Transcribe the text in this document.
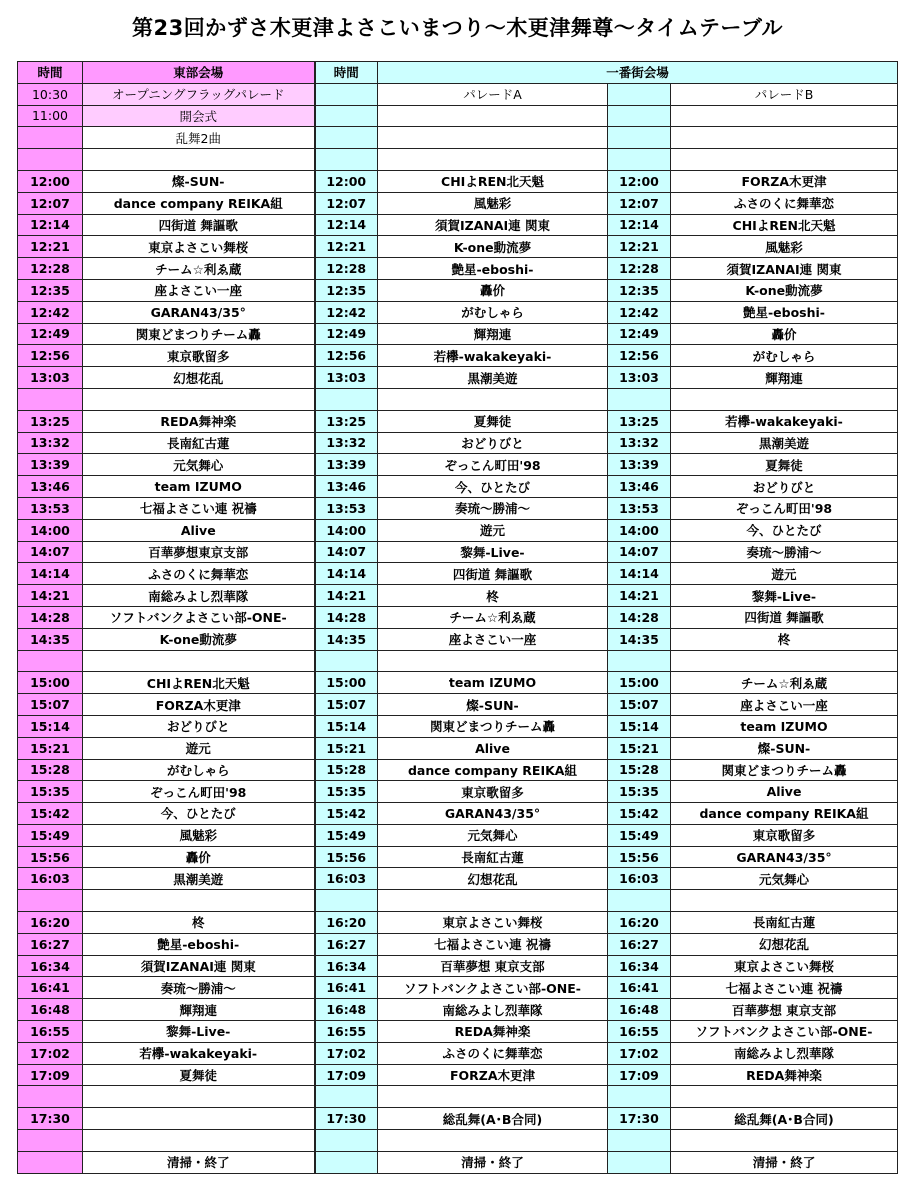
第23回かずさ木更津よさこいまつり～木更津舞尊～タイムテーブル
時間	東部会場	時間	一番街会場		
10:30	オープニングフラッグパレード		パレードA		パレードB
11:00	開会式				
	乱舞2曲				

12:00	燦-SUN-	12:00	CHIよREN北天魁	12:00	FORZA木更津
12:07	dance company REIKA組	12:07	風魅彩	12:07	ふさのくに舞華恋
12:14	四街道 舞謳歌	12:14	須賀IZANAI連 関東	12:14	CHIよREN北天魁
12:21	東京よさこい舞桜	12:21	K-one動流夢	12:21	風魅彩
12:28	チーム☆利ゑ蔵	12:28	艶星-eboshi-	12:28	須賀IZANAI連 関東
12:35	座よさこい一座	12:35	轟价	12:35	K-one動流夢
12:42	GARAN43/35°	12:42	がむしゃら	12:42	艶星-eboshi-
12:49	関東どまつりチーム轟	12:49	輝翔連	12:49	轟价
12:56	東京歌留多	12:56	若欅-wakakeyaki-	12:56	がむしゃら
13:03	幻想花乱	13:03	黒潮美遊	13:03	輝翔連

13:25	REDA舞神楽	13:25	夏舞徒	13:25	若欅-wakakeyaki-
13:32	長南紅古蓮	13:32	おどりびと	13:32	黒潮美遊
13:39	元気舞心	13:39	ぞっこん町田'98	13:39	夏舞徒
13:46	team IZUMO	13:46	今、ひとたび	13:46	おどりびと
13:53	七福よさこい連 祝禱	13:53	奏琉～勝浦～	13:53	ぞっこん町田'98
14:00	Alive	14:00	遊元	14:00	今、ひとたび
14:07	百華夢想東京支部	14:07	黎舞-Live-	14:07	奏琉～勝浦～
14:14	ふさのくに舞華恋	14:14	四街道 舞謳歌	14:14	遊元
14:21	南総みよし烈華隊	14:21	柊	14:21	黎舞-Live-
14:28	ソフトバンクよさこい部-ONE-	14:28	チーム☆利ゑ蔵	14:28	四街道 舞謳歌
14:35	K-one動流夢	14:35	座よさこい一座	14:35	柊

15:00	CHIよREN北天魁	15:00	team IZUMO	15:00	チーム☆利ゑ蔵
15:07	FORZA木更津	15:07	燦-SUN-	15:07	座よさこい一座
15:14	おどりびと	15:14	関東どまつりチーム轟	15:14	team IZUMO
15:21	遊元	15:21	Alive	15:21	燦-SUN-
15:28	がむしゃら	15:28	dance company REIKA組	15:28	関東どまつりチーム轟
15:35	ぞっこん町田'98	15:35	東京歌留多	15:35	Alive
15:42	今、ひとたび	15:42	GARAN43/35°	15:42	dance company REIKA組
15:49	風魅彩	15:49	元気舞心	15:49	東京歌留多
15:56	轟价	15:56	長南紅古蓮	15:56	GARAN43/35°
16:03	黒潮美遊	16:03	幻想花乱	16:03	元気舞心

16:20	柊	16:20	東京よさこい舞桜	16:20	長南紅古蓮
16:27	艶星-eboshi-	16:27	七福よさこい連 祝禱	16:27	幻想花乱
16:34	須賀IZANAI連 関東	16:34	百華夢想 東京支部	16:34	東京よさこい舞桜
16:41	奏琉～勝浦～	16:41	ソフトバンクよさこい部-ONE-	16:41	七福よさこい連 祝禱
16:48	輝翔連	16:48	南総みよし烈華隊	16:48	百華夢想 東京支部
16:55	黎舞-Live-	16:55	REDA舞神楽	16:55	ソフトバンクよさこい部-ONE-
17:02	若欅-wakakeyaki-	17:02	ふさのくに舞華恋	17:02	南総みよし烈華隊
17:09	夏舞徒	17:09	FORZA木更津	17:09	REDA舞神楽

17:30		17:30	総乱舞(A･B合同)	17:30	総乱舞(A･B合同)

	清掃・終了		清掃・終了		清掃・終了
